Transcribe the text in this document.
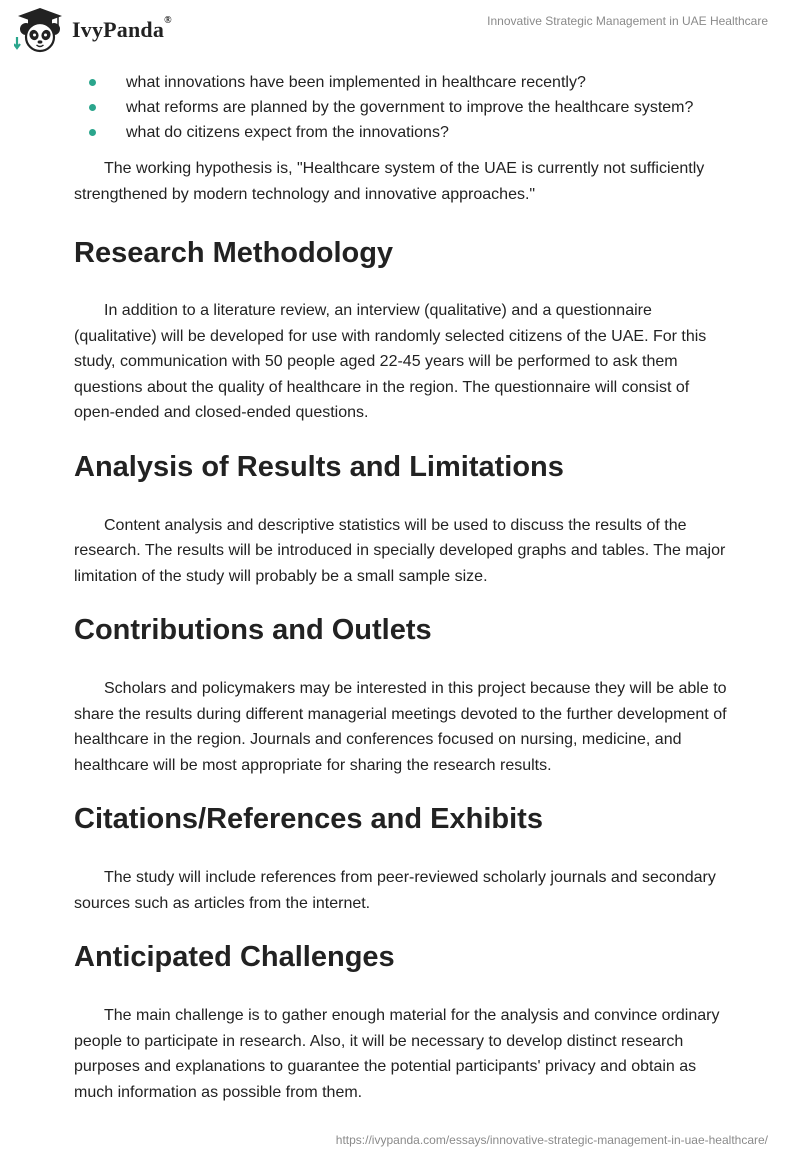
IvyPanda®	Innovative Strategic Management in UAE Healthcare
what innovations have been implemented in healthcare recently?
what reforms are planned by the government to improve the healthcare system?
what do citizens expect from the innovations?

The working hypothesis is, "Healthcare system of the UAE is currently not sufficiently strengthened by modern technology and innovative approaches."

Research Methodology

In addition to a literature review, an interview (qualitative) and a questionnaire (qualitative) will be developed for use with randomly selected citizens of the UAE. For this study, communication with 50 people aged 22-45 years will be performed to ask them questions about the quality of healthcare in the region. The questionnaire will consist of open-ended and closed-ended questions.

Analysis of Results and Limitations

Content analysis and descriptive statistics will be used to discuss the results of the research. The results will be introduced in specially developed graphs and tables. The major limitation of the study will probably be a small sample size.

Contributions and Outlets

Scholars and policymakers may be interested in this project because they will be able to share the results during different managerial meetings devoted to the further development of healthcare in the region. Journals and conferences focused on nursing, medicine, and healthcare will be most appropriate for sharing the research results.

Citations/References and Exhibits

The study will include references from peer-reviewed scholarly journals and secondary sources such as articles from the internet.

Anticipated Challenges

The main challenge is to gather enough material for the analysis and convince ordinary people to participate in research. Also, it will be necessary to develop distinct research purposes and explanations to guarantee the potential participants' privacy and obtain as much information as possible from them.

https://ivypanda.com/essays/innovative-strategic-management-in-uae-healthcare/
